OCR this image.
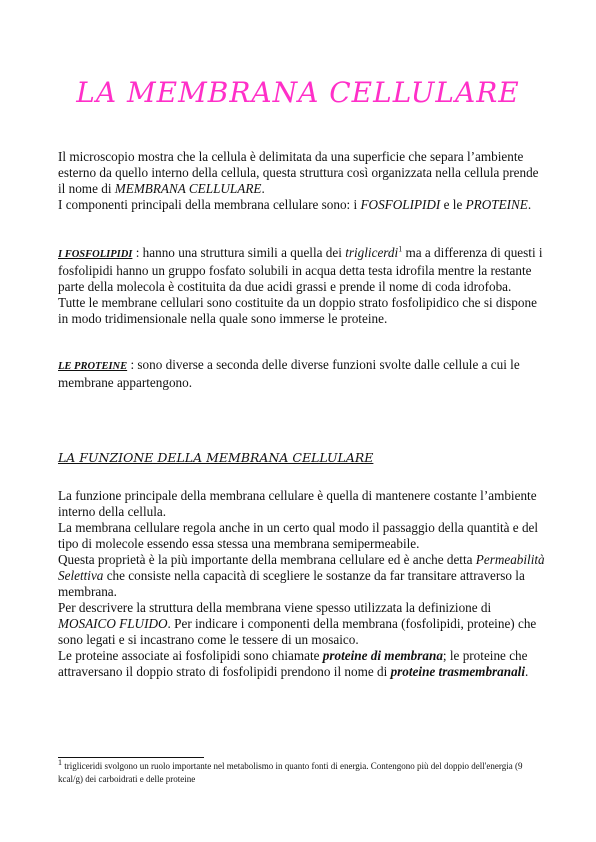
LA MEMBRANA CELLULARE
Il microscopio mostra che la cellula è delimitata da una superficie che separa l’ambiente esterno da quello interno della cellula, questa struttura così organizzata nella cellula prende il nome di MEMBRANA CELLULARE.
I componenti principali della membrana cellulare sono: i FOSFOLIPIDI e le PROTEINE.
I FOSFOLIPIDI : hanno una struttura simili a quella dei triglicerdi$^1$ ma a differenza di questi i fosfolipidi hanno un gruppo fosfato solubili in acqua detta testa idrofila mentre la restante parte della molecola è costituita da due acidi grassi e prende il nome di coda idrofoba.
Tutte le membrane cellulari sono costituite da un doppio strato fosfolipidico che si dispone in modo tridimensionale nella quale sono immerse le proteine.
LE PROTEINE : sono diverse a seconda delle diverse funzioni svolte dalle cellule a cui le membrane appartengono.
LA FUNZIONE DELLA MEMBRANA CELLULARE
La funzione principale della membrana cellulare è quella di mantenere costante l’ambiente interno della cellula.
La membrana cellulare regola anche in un certo qual modo il passaggio della quantità e del tipo di molecole essendo essa stessa una membrana semipermeabile.
Questa proprietà è la più importante della membrana cellulare ed è anche detta Permeabilità Selettiva che consiste nella capacità di scegliere le sostanze da far transitare attraverso la membrana.
Per descrivere la struttura della membrana viene spesso utilizzata la definizione di MOSAICO FLUIDO. Per indicare i componenti della membrana (fosfolipidi, proteine) che sono legati e si incastrano come le tessere di un mosaico.
Le proteine associate ai fosfolipidi sono chiamate proteine di membrana; le proteine che attraversano il doppio strato di fosfolipidi prendono il nome di proteine trasmembranali.
$^1$ trigliceridi svolgono un ruolo importante nel metabolismo in quanto fonti di energia. Contengono più del doppio dell'energia (9 kcal/g) dei carboidrati e delle proteine
